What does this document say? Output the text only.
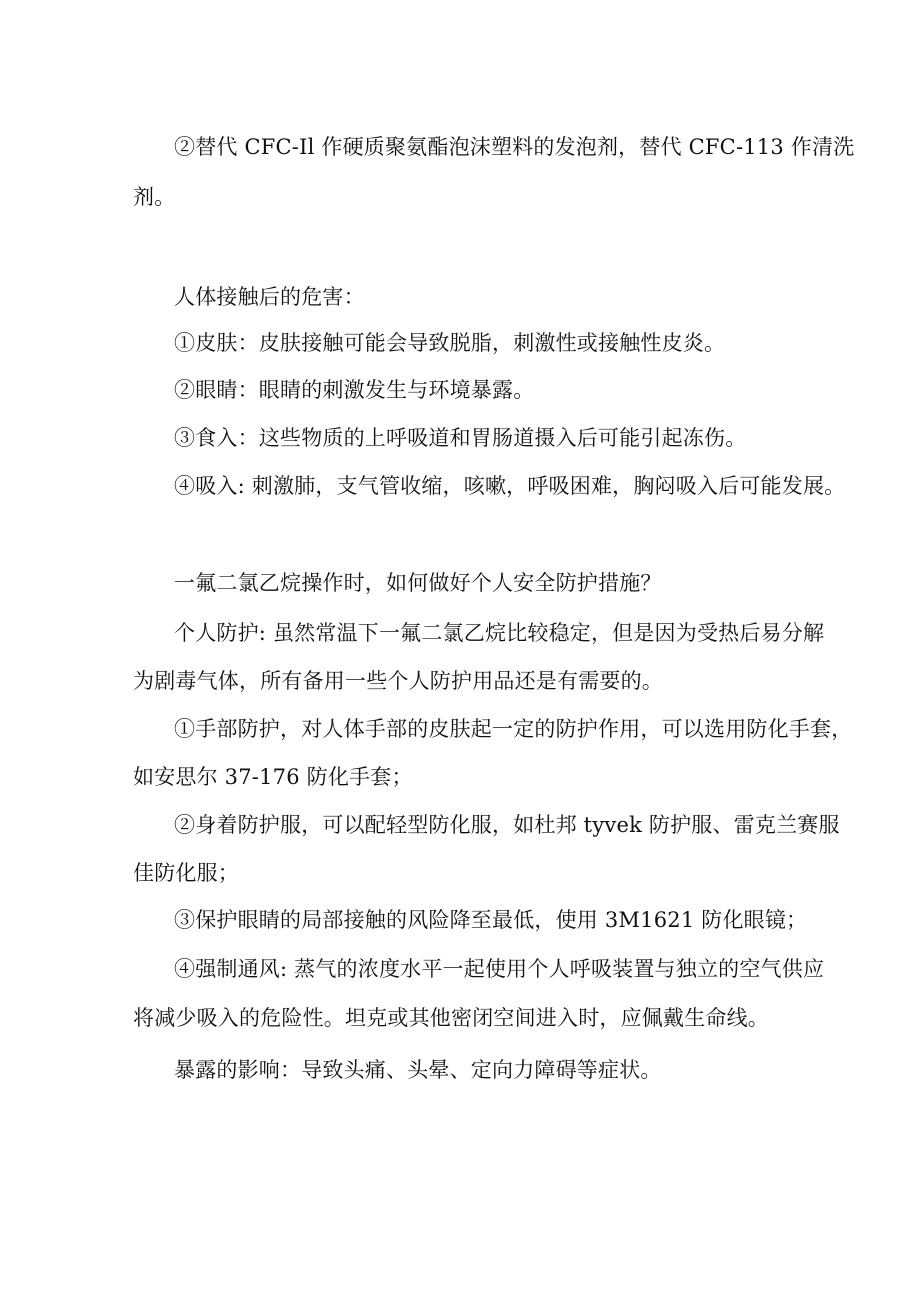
②替代 CFC-Il 作硬质聚氨酯泡沫塑料的发泡剂，替代 CFC-113 作清洗
剂。
人体接触后的危害：
①皮肤：皮肤接触可能会导致脱脂，刺激性或接触性皮炎。
②眼睛：眼睛的刺激发生与环境暴露。
③食入：这些物质的上呼吸道和胃肠道摄入后可能引起冻伤。
④吸入: 刺激肺，支气管收缩，咳嗽，呼吸困难，胸闷吸入后可能发展。
一氟二氯乙烷操作时，如何做好个人安全防护措施？
个人防护: 虽然常温下一氟二氯乙烷比较稳定，但是因为受热后易分解
为剧毒气体，所有备用一些个人防护用品还是有需要的。
①手部防护，对人体手部的皮肤起一定的防护作用，可以选用防化手套，
如安思尔 37-176 防化手套；
②身着防护服，可以配轻型防化服，如杜邦 tyvek 防护服、雷克兰赛服
佳防化服；
③保护眼睛的局部接触的风险降至最低，使用 3M1621 防化眼镜；
④强制通风: 蒸气的浓度水平一起使用个人呼吸装置与独立的空气供应
将减少吸入的危险性。坦克或其他密闭空间进入时，应佩戴生命线。
暴露的影响：导致头痛、头晕、定向力障碍等症状。
